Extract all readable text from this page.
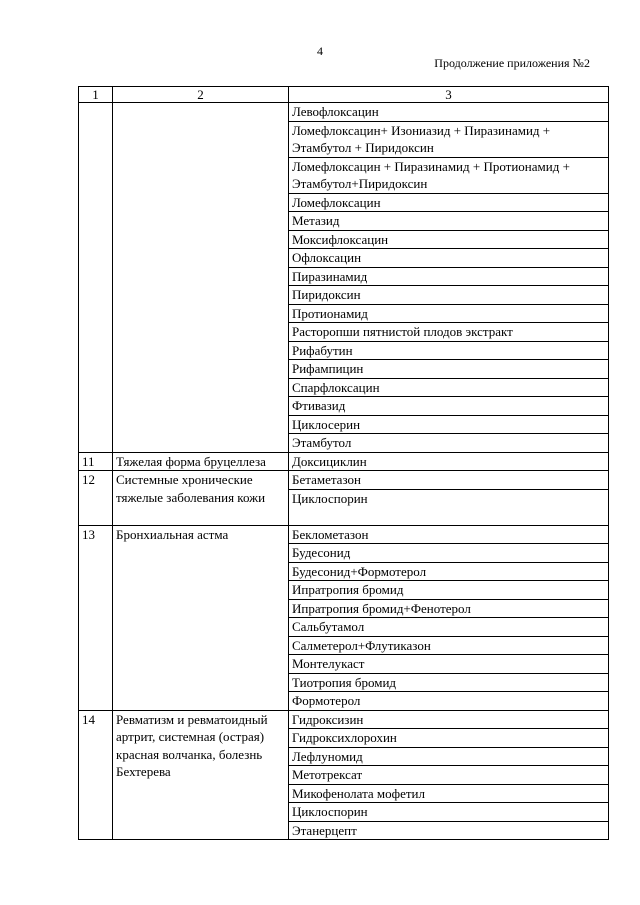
4
Продолжение приложения №2
1	2	3
		Левофлоксацин
		Ломефлоксацин+ Изониазид + Пиразинамид + Этамбутол + Пиридоксин
		Ломефлоксацин + Пиразинамид + Протионамид + Этамбутол+Пиридоксин
		Ломефлоксацин
		Метазид
		Моксифлоксацин
		Офлоксацин
		Пиразинамид
		Пиридоксин
		Протионамид
		Расторопши пятнистой плодов экстракт
		Рифабутин
		Рифампицин
		Спарфлоксацин
		Фтивазид
		Циклосерин
		Этамбутол
11	Тяжелая форма бруцеллеза	Доксициклин
12	Системные хронические тяжелые заболевания кожи	Бетаметазон
		Циклоспорин
13	Бронхиальная астма	Беклометазон
		Будесонид
		Будесонид+Формотерол
		Ипратропия бромид
		Ипратропия бромид+Фенотерол
		Сальбутамол
		Салметерол+Флутиказон
		Монтелукаст
		Тиотропия бромид
		Формотерол
14	Ревматизм и ревматоидный артрит, системная (острая) красная волчанка, болезнь Бехтерева	Гидроксизин
		Гидроксихлорохин
		Лефлуномид
		Метотрексат
		Микофенолата мофетил
		Циклоспорин
		Этанерцепт
